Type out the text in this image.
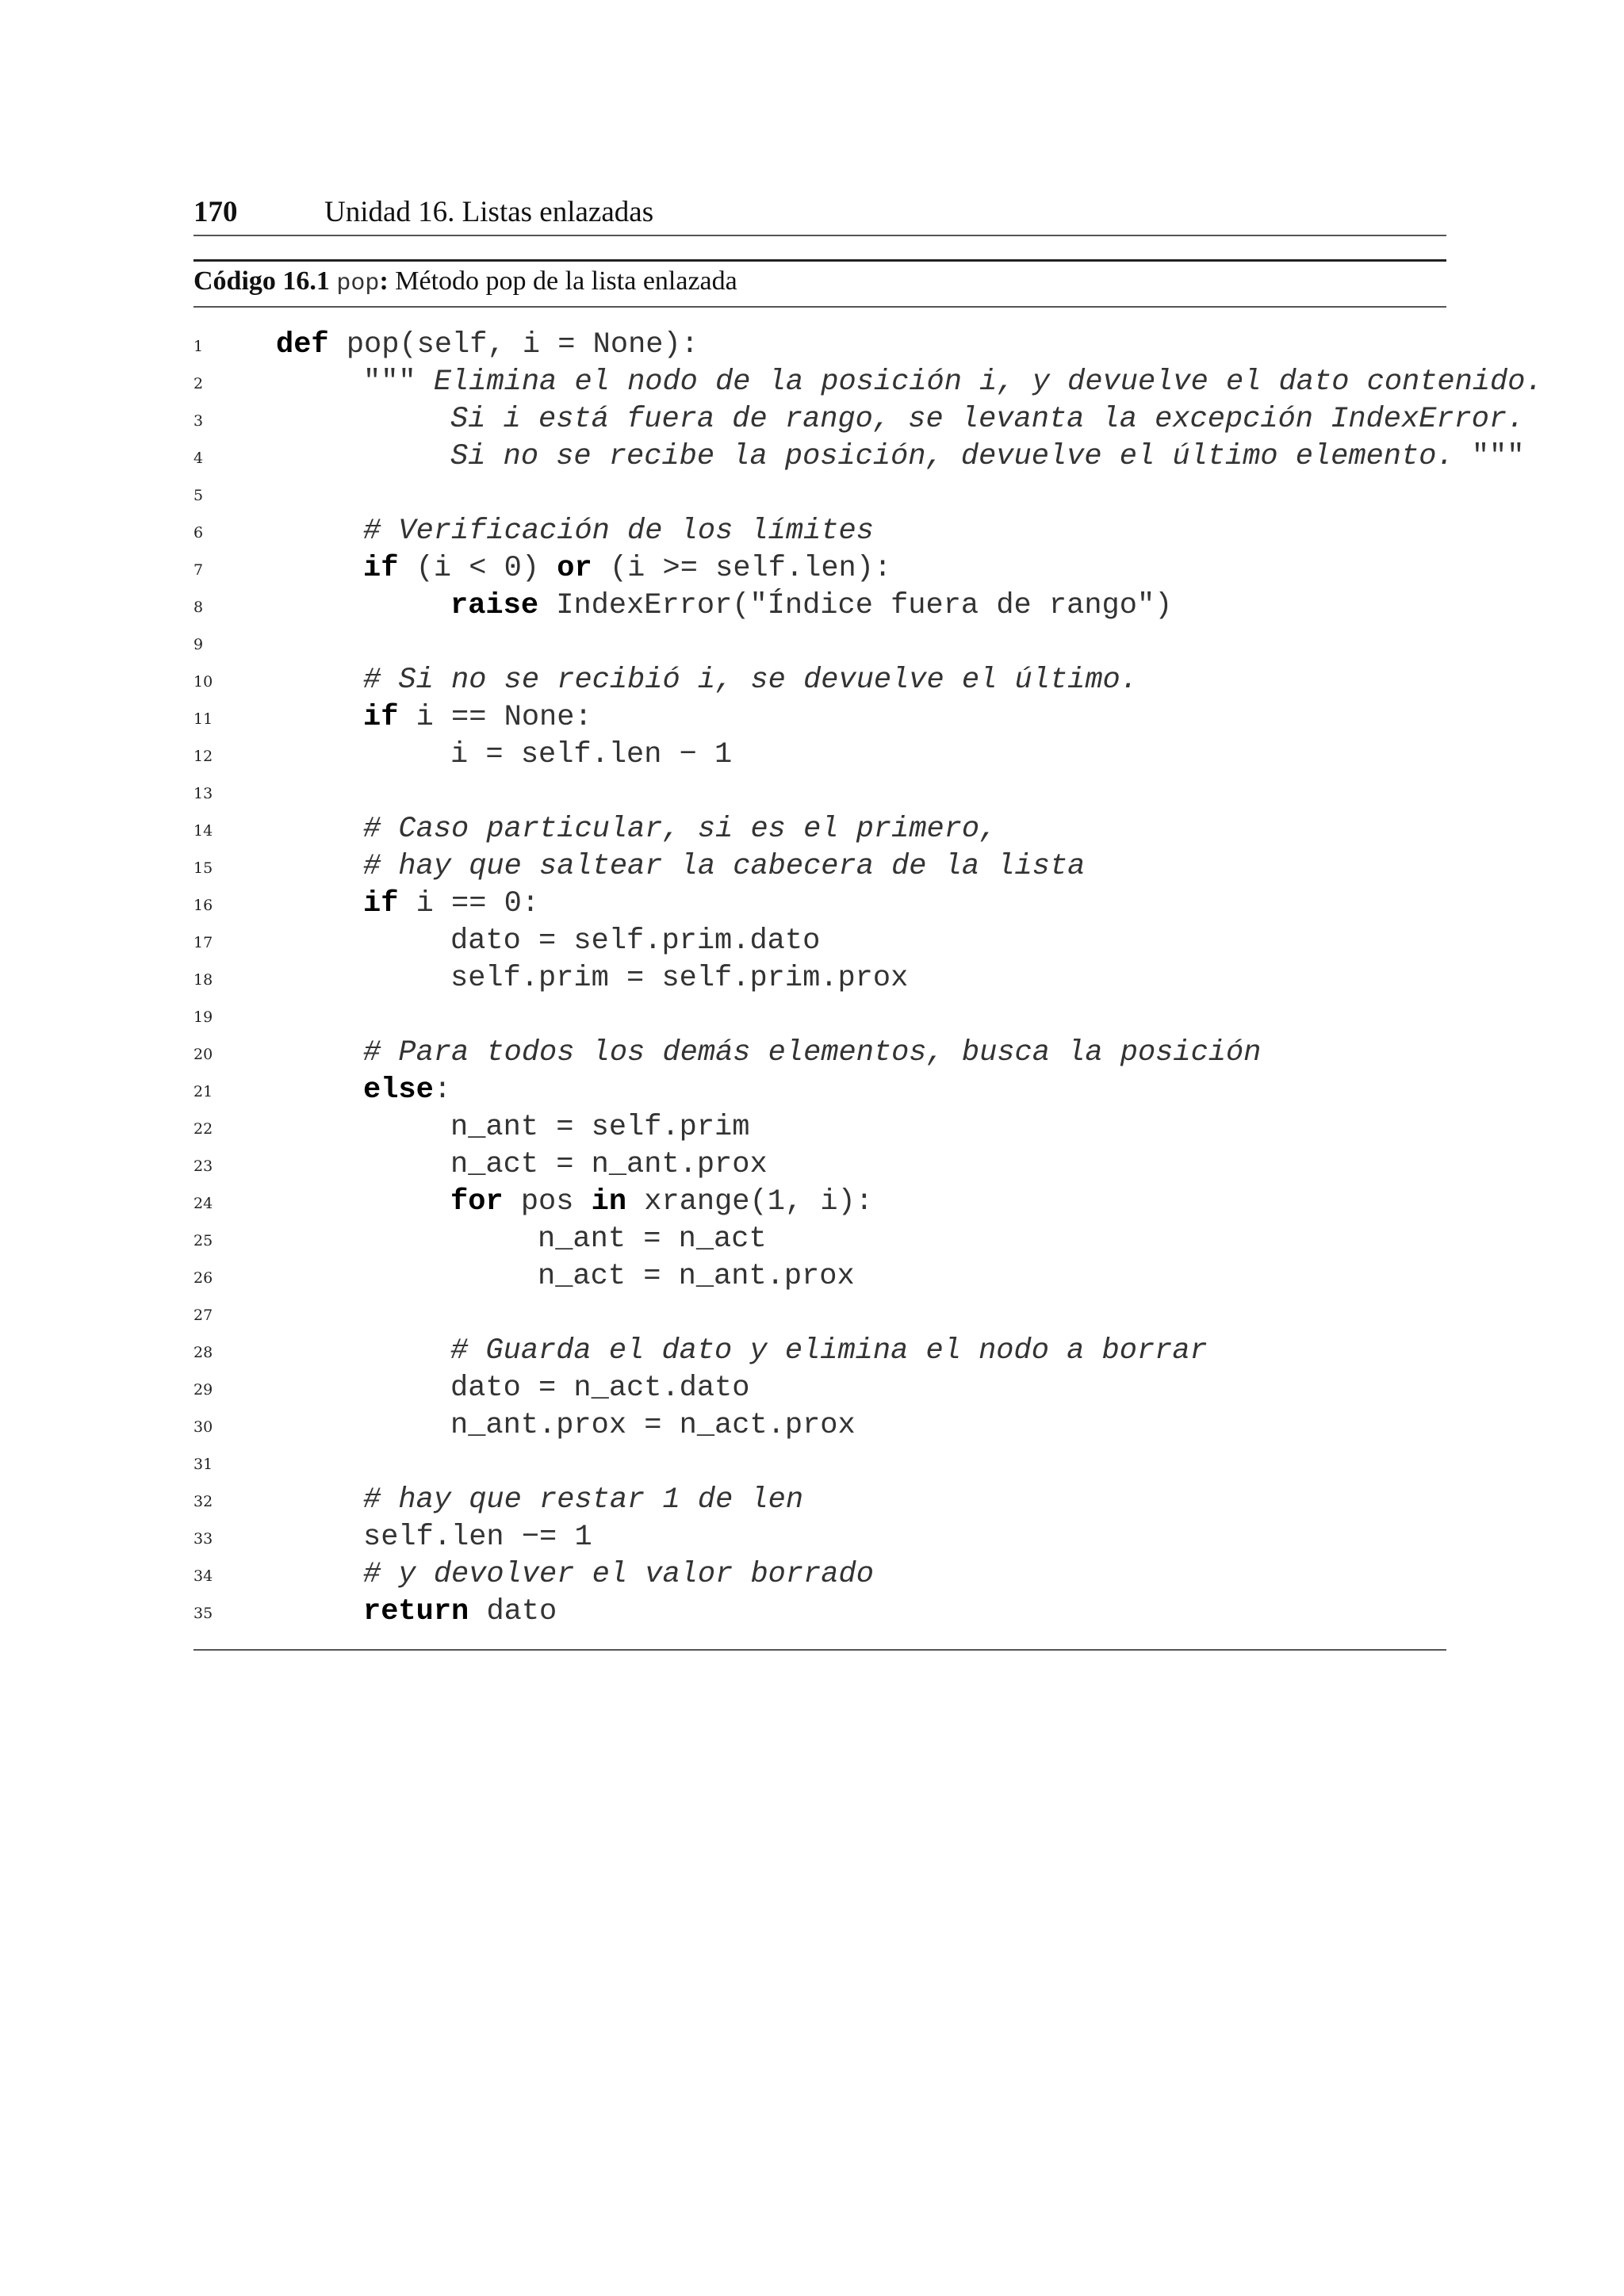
170	Unidad 16. Listas enlazadas
Código 16.1 pop: Método pop de la lista enlazada
1 def pop(self, i = None):
2	""" Elimina el nodo de la posición i, y devuelve el dato contenido.
3	Si i está fuera de rango, se levanta la excepción IndexError.
4	Si no se recibe la posición, devuelve el último elemento. """
5
6	# Verificación de los límites
7	if (i < 0) or (i >= self.len):
8	raise IndexError("Índice fuera de rango")
9
10	# Si no se recibió i, se devuelve el último.
11	if i == None:
12	i = self.len − 1
13
14	# Caso particular, si es el primero,
15	# hay que saltear la cabecera de la lista
16	if i == 0:
17	dato = self.prim.dato
18	self.prim = self.prim.prox
19
20	# Para todos los demás elementos, busca la posición
21	else:
22	n_ant = self.prim
23	n_act = n_ant.prox
24	for pos in xrange(1, i):
25	n_ant = n_act
26	n_act = n_ant.prox
27
28	# Guarda el dato y elimina el nodo a borrar
29	dato = n_act.dato
30	n_ant.prox = n_act.prox
31
32	# hay que restar 1 de len
33	self.len −= 1
34	# y devolver el valor borrado
35	return dato
